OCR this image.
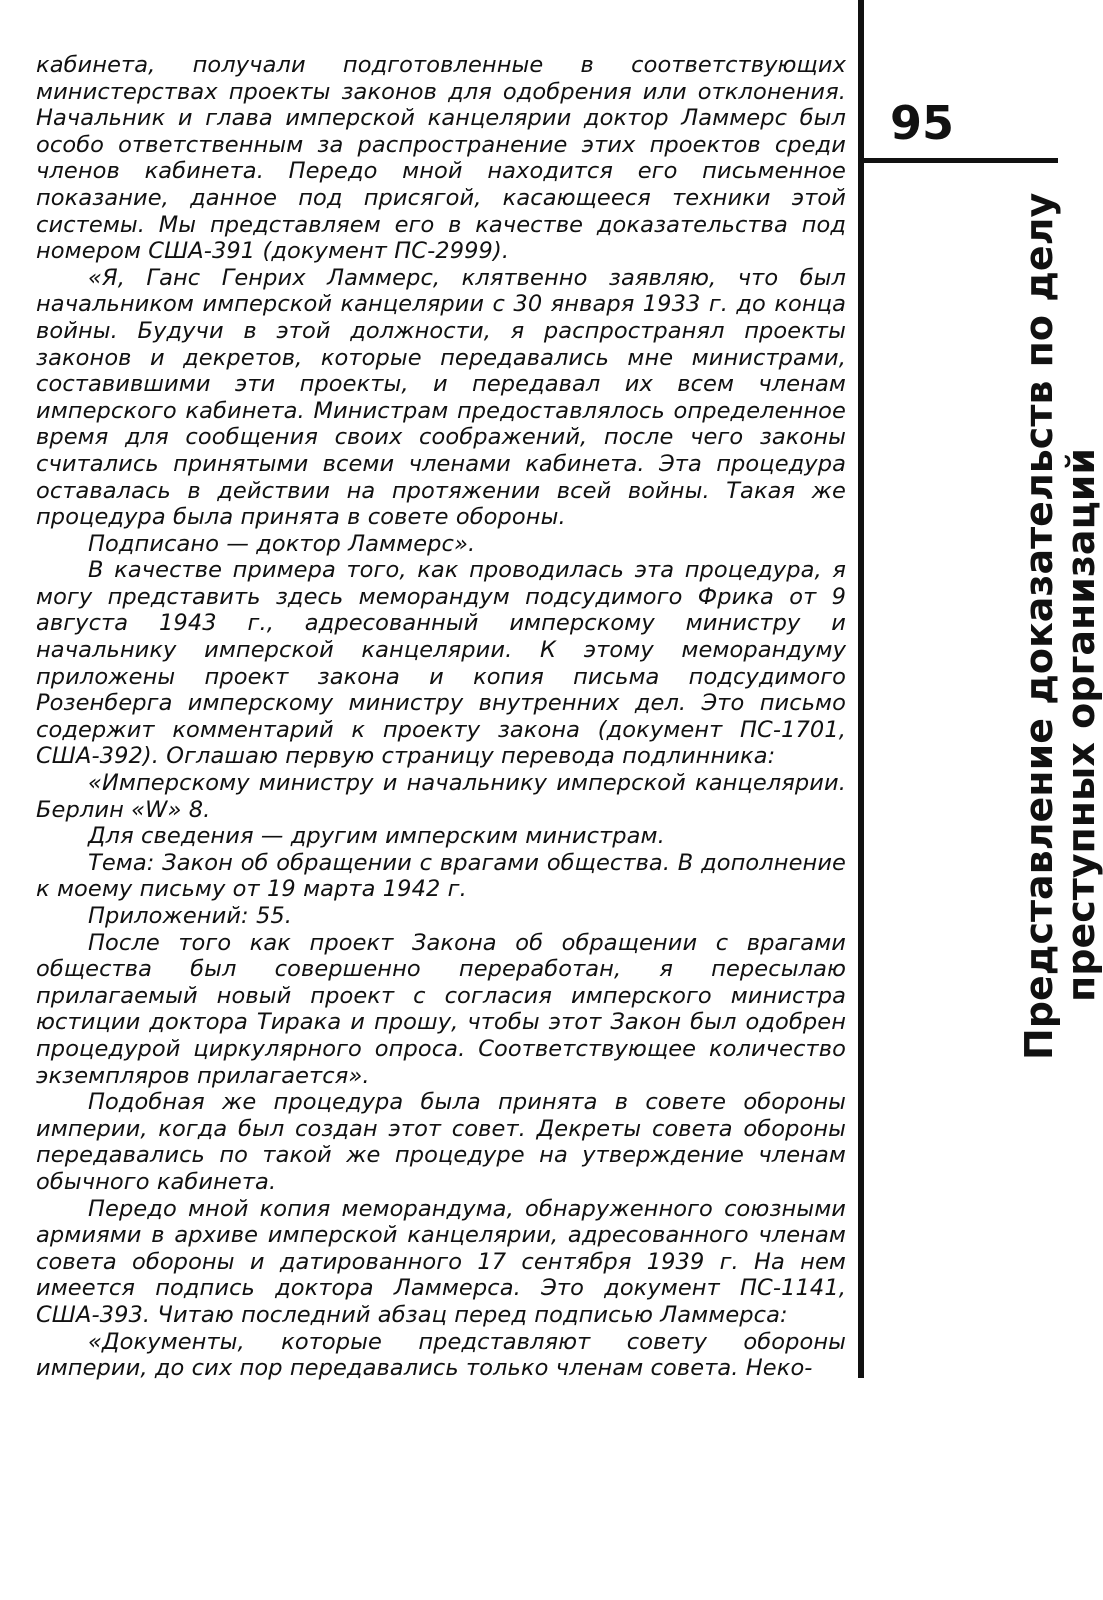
кабинета, получали подготовленные в соответствующих министерствах проекты законов для одобрения или отклонения. Начальник и глава имперской канцелярии доктор Ламмерс был особо ответственным за распространение этих проектов среди членов кабинета. Передо мной находится его письменное показание, данное под присягой, касающееся техники этой системы. Мы представляем его в качестве доказательства под номером США-391 (документ ПС-2999).

«Я, Ганс Генрих Ламмерс, клятвенно заявляю, что был начальником имперской канцелярии с 30 января 1933 г. до конца войны. Будучи в этой должности, я распространял проекты законов и декретов, которые передавались мне министрами, составившими эти проекты, и передавал их всем членам имперского кабинета. Министрам предоставлялось определенное время для сообщения своих соображений, после чего законы считались принятыми всеми членами кабинета. Эта процедура оставалась в действии на протяжении всей войны. Такая же процедура была принята в совете обороны.

Подписано — доктор Ламмерс».

В качестве примера того, как проводилась эта процедура, я могу представить здесь меморандум подсудимого Фрика от 9 августа 1943 г., адресованный имперскому министру и начальнику имперской канцелярии. К этому меморандуму приложены проект закона и копия письма подсудимого Розенберга имперскому министру внутренних дел. Это письмо содержит комментарий к проекту закона (документ ПС-1701, США-392). Оглашаю первую страницу перевода подлинника:

«Имперскому министру и начальнику имперской канцелярии. Берлин «W» 8.

Для сведения — другим имперским министрам.

Тема: Закон об обращении с врагами общества. В дополнение к моему письму от 19 марта 1942 г.

Приложений: 55.

После того как проект Закона об обращении с врагами общества был совершенно переработан, я пересылаю прилагаемый новый проект с согласия имперского министра юстиции доктора Тирака и прошу, чтобы этот Закон был одобрен процедурой циркулярного опроса. Соответствующее количество экземпляров прилагается».

Подобная же процедура была принята в совете обороны империи, когда был создан этот совет. Декреты совета обороны передавались по такой же процедуре на утверждение членам обычного кабинета.

Передо мной копия меморандума, обнаруженного союзными армиями в архиве имперской канцелярии, адресованного членам совета обороны и датированного 17 сентября 1939 г. На нем имеется подпись доктора Ламмерса. Это документ ПС-1141, США-393. Читаю последний абзац перед подписью Ламмерса:

«Документы, которые представляют совету обороны империи, до сих пор передавались только членам совета. Неко-

95
Представление доказательств по делу
преступных организаций
